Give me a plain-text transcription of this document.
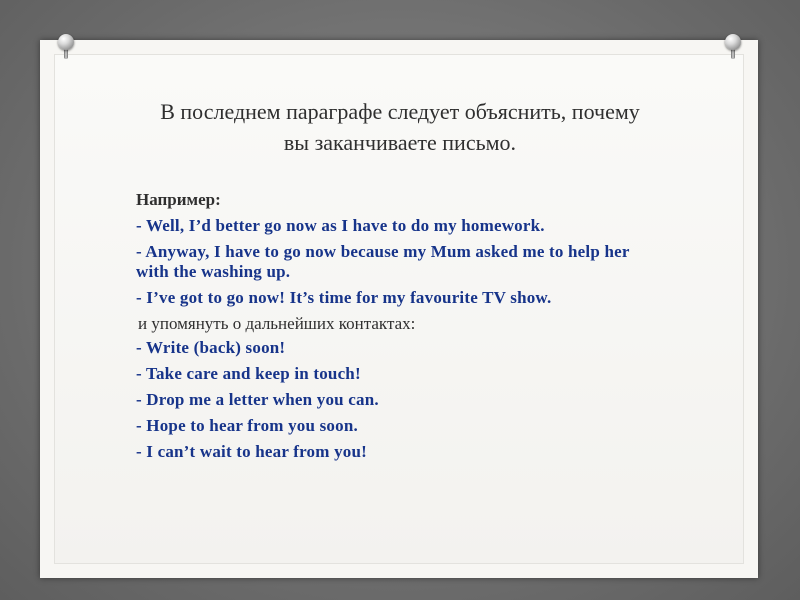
В последнем параграфе следует объяснить, почему
вы заканчиваете письмо.
Например:
- Well, I’d better go now as I have to do my homework.
- Anyway, I have to go now because my Mum asked me to help her with the washing up.
- I’ve got to go now! It’s time for my favourite TV show.
и упомянуть о дальнейших контактах:
- Write (back) soon!
- Take care and keep in touch!
- Drop me a letter when you can.
- Hope to hear from you soon.
- I can’t wait to hear from you!
